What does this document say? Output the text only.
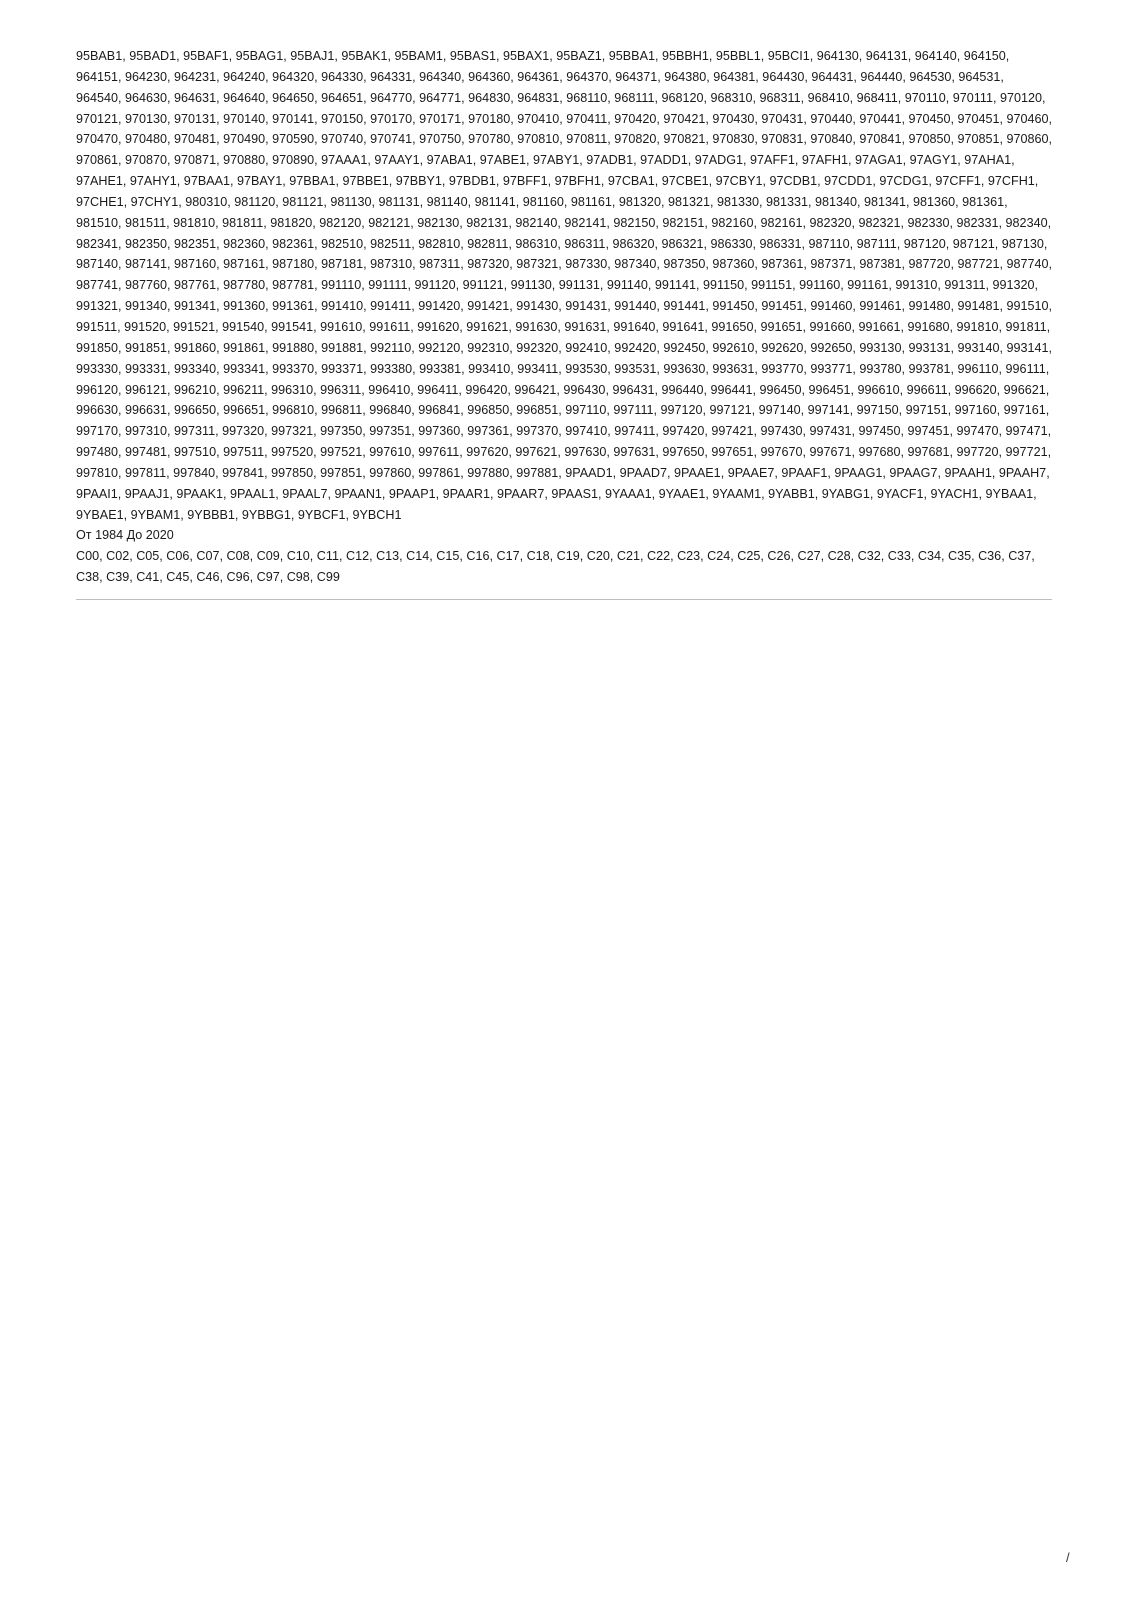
95BAB1, 95BAD1, 95BAF1, 95BAG1, 95BAJ1, 95BAK1, 95BAM1, 95BAS1, 95BAX1, 95BAZ1, 95BBA1, 95BBH1, 95BBL1, 95BCI1, 964130, 964131, 964140, 964150, 964151, 964230, 964231, 964240, 964320, 964330, 964331, 964340, 964360, 964361, 964370, 964371, 964380, 964381, 964430, 964431, 964440, 964530, 964531, 964540, 964630, 964631, 964640, 964650, 964651, 964770, 964771, 964830, 964831, 968110, 968111, 968120, 968310, 968311, 968410, 968411, 970110, 970111, 970120, 970121, 970130, 970131, 970140, 970141, 970150, 970170, 970171, 970180, 970410, 970411, 970420, 970421, 970430, 970431, 970440, 970441, 970450, 970451, 970460, 970470, 970480, 970481, 970490, 970590, 970740, 970741, 970750, 970780, 970810, 970811, 970820, 970821, 970830, 970831, 970840, 970841, 970850, 970851, 970860, 970861, 970870, 970871, 970880, 970890, 97AAA1, 97AAY1, 97ABA1, 97ABE1, 97ABY1, 97ADB1, 97ADD1, 97ADG1, 97AFF1, 97AFH1, 97AGA1, 97AGY1, 97AHA1, 97AHE1, 97AHY1, 97BAA1, 97BAY1, 97BBA1, 97BBE1, 97BBY1, 97BDB1, 97BFF1, 97BFH1, 97CBA1, 97CBE1, 97CBY1, 97CDB1, 97CDD1, 97CDG1, 97CFF1, 97CFH1, 97CHE1, 97CHY1, 980310, 981120, 981121, 981130, 981131, 981140, 981141, 981160, 981161, 981320, 981321, 981330, 981331, 981340, 981341, 981360, 981361, 981510, 981511, 981810, 981811, 981820, 982120, 982121, 982130, 982131, 982140, 982141, 982150, 982151, 982160, 982161, 982320, 982321, 982330, 982331, 982340, 982341, 982350, 982351, 982360, 982361, 982510, 982511, 982810, 982811, 986310, 986311, 986320, 986321, 986330, 986331, 987110, 987111, 987120, 987121, 987130, 987140, 987141, 987160, 987161, 987180, 987181, 987310, 987311, 987320, 987321, 987330, 987340, 987350, 987360, 987361, 987371, 987381, 987720, 987721, 987740, 987741, 987760, 987761, 987780, 987781, 991110, 991111, 991120, 991121, 991130, 991131, 991140, 991141, 991150, 991151, 991160, 991161, 991310, 991311, 991320, 991321, 991340, 991341, 991360, 991361, 991410, 991411, 991420, 991421, 991430, 991431, 991440, 991441, 991450, 991451, 991460, 991461, 991480, 991481, 991510, 991511, 991520, 991521, 991540, 991541, 991610, 991611, 991620, 991621, 991630, 991631, 991640, 991641, 991650, 991651, 991660, 991661, 991680, 991810, 991811, 991850, 991851, 991860, 991861, 991880, 991881, 992110, 992120, 992310, 992320, 992410, 992420, 992450, 992610, 992620, 992650, 993130, 993131, 993140, 993141, 993330, 993331, 993340, 993341, 993370, 993371, 993380, 993381, 993410, 993411, 993530, 993531, 993630, 993631, 993770, 993771, 993780, 993781, 996110, 996111, 996120, 996121, 996210, 996211, 996310, 996311, 996410, 996411, 996420, 996421, 996430, 996431, 996440, 996441, 996450, 996451, 996610, 996611, 996620, 996621, 996630, 996631, 996650, 996651, 996810, 996811, 996840, 996841, 996850, 996851, 997110, 997111, 997120, 997121, 997140, 997141, 997150, 997151, 997160, 997161, 997170, 997310, 997311, 997320, 997321, 997350, 997351, 997360, 997361, 997370, 997410, 997411, 997420, 997421, 997430, 997431, 997450, 997451, 997470, 997471, 997480, 997481, 997510, 997511, 997520, 997521, 997610, 997611, 997620, 997621, 997630, 997631, 997650, 997651, 997670, 997671, 997680, 997681, 997720, 997721, 997810, 997811, 997840, 997841, 997850, 997851, 997860, 997861, 997880, 997881, 9PAAD1, 9PAAD7, 9PAAE1, 9PAAE7, 9PAAF1, 9PAAG1, 9PAAG7, 9PAAH1, 9PAAH7, 9PAAI1, 9PAAJ1, 9PAAK1, 9PAAL1, 9PAAL7, 9PAAN1, 9PAAP1, 9PAAR1, 9PAAR7, 9PAAS1, 9YAAA1, 9YAAE1, 9YAAM1, 9YABB1, 9YABG1, 9YACF1, 9YACH1, 9YBAA1, 9YBAE1, 9YBAM1, 9YBBB1, 9YBBG1, 9YBCF1, 9YBCH1

От 1984 До 2020

C00, C02, C05, C06, C07, C08, C09, C10, C11, C12, C13, C14, C15, C16, C17, C18, C19, C20, C21, C22, C23, C24, C25, C26, C27, C28, C32, C33, C34, C35, C36, C37, C38, C39, C41, C45, C46, C96, C97, C98, C99

/
